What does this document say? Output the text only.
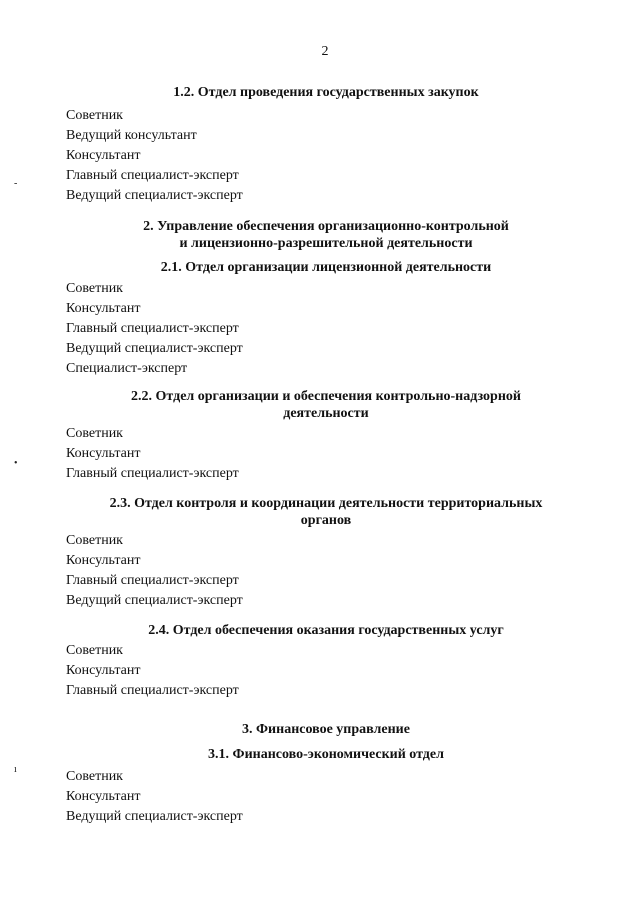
2
-
•
ı
1.2. Отдел проведения государственных закупок

Советник

Ведущий консультант

Консультант

Главный специалист-эксперт

Ведущий специалист-эксперт

2. Управление обеспечения организационно-контрольной
и лицензионно-разрешительной деятельности
2.1. Отдел организации лицензионной деятельности

Советник

Консультант

Главный специалист-эксперт

Ведущий специалист-эксперт

Специалист-эксперт

2.2. Отдел организации и обеспечения контрольно-надзорной
деятельности

Советник

Консультант

Главный специалист-эксперт

2.3. Отдел контроля и координации деятельности территориальных
органов

Советник

Консультант

Главный специалист-эксперт

Ведущий специалист-эксперт

2.4. Отдел обеспечения оказания государственных услуг

Советник

Консультант

Главный специалист-эксперт

3. Финансовое управление
3.1. Финансово-экономический отдел

Советник

Консультант

Ведущий специалист-эксперт
